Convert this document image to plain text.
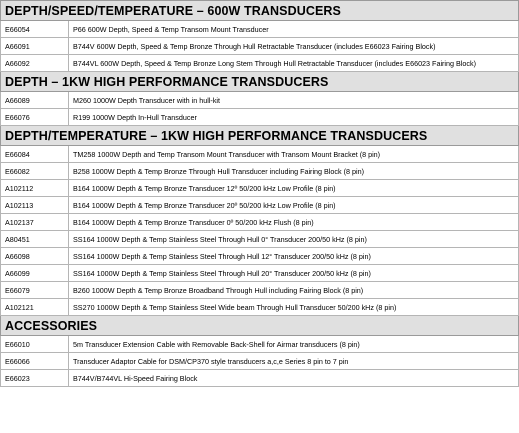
DEPTH/SPEED/TEMPERATURE – 600W TRANSDUCERS	
E66054	P66 600W Depth, Speed & Temp Transom Mount Transducer
A66091	B744V 600W Depth, Speed & Temp Bronze Through Hull Retractable Transducer (includes E66023 Fairing Block)
A66092	B744VL 600W Depth, Speed & Temp Bronze Long Stem Through Hull Retractable Transducer (includes E66023 Fairing Block)
DEPTH – 1KW HIGH PERFORMANCE TRANSDUCERS	
A66089	M260 1000W Depth Transducer with in hull-kit
E66076	R199 1000W Depth In-Hull Transducer
DEPTH/TEMPERATURE – 1KW HIGH PERFORMANCE TRANSDUCERS	
E66084	TM258 1000W Depth and Temp Transom Mount Transducer with Transom Mount Bracket (8 pin)
E66082	B258 1000W Depth & Temp Bronze Through Hull Transducer including Fairing Block (8 pin)
A102112	B164 1000W Depth & Temp Bronze Transducer 12º 50/200 kHz Low Profile (8 pin)
A102113	B164 1000W Depth & Temp Bronze Transducer 20º 50/200 kHz Low Profile (8 pin)
A102137	B164 1000W Depth & Temp Bronze Transducer 0º 50/200 kHz Flush (8 pin)
A80451	SS164 1000W Depth & Temp Stainless Steel Through Hull 0° Transducer 200/50 kHz (8 pin)
A66098	SS164 1000W Depth & Temp Stainless Steel Through Hull 12° Transducer 200/50 kHz (8 pin)
A66099	SS164 1000W Depth & Temp Stainless Steel Through Hull 20° Transducer 200/50 kHz (8 pin)
E66079	B260 1000W Depth & Temp Bronze Broadband Through Hull including Fairing Block (8 pin)
A102121	SS270 1000W Depth & Temp Stainless Steel Wide beam Through Hull Transducer 50/200 kHz (8 pin)
ACCESSORIES	
E66010	5m Transducer Extension Cable with Removable Back-Shell for Airmar transducers (8 pin)
E66066	Transducer Adaptor Cable for DSM/CP370 style transducers a,c,e Series 8 pin to 7 pin
E66023	B744V/B744VL Hi-Speed Fairing Block
